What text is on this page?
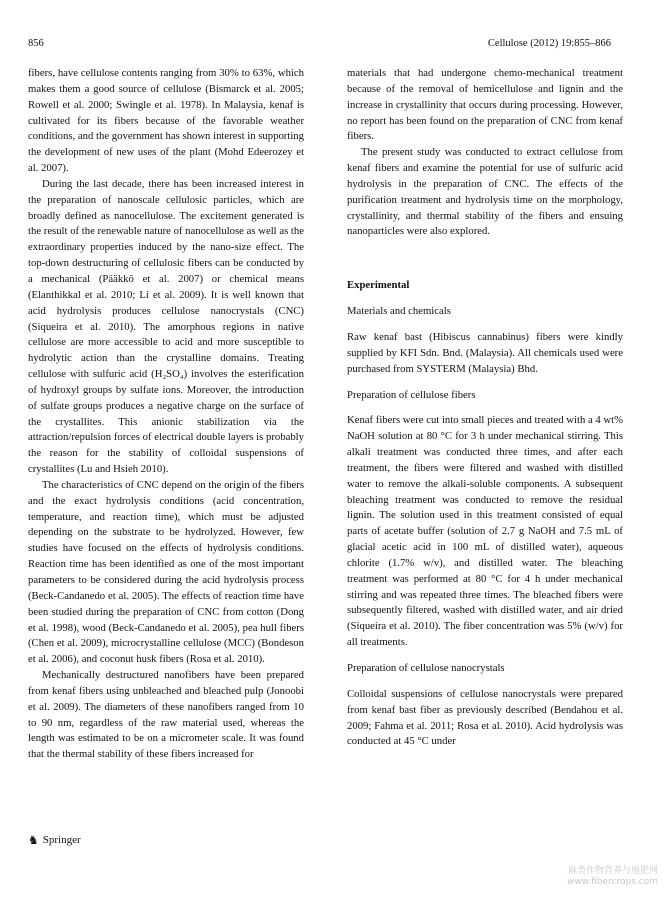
856	Cellulose (2012) 19:855–866

fibers, have cellulose contents ranging from 30% to 63%, which makes them a good source of cellulose (Bismarck et al. 2005; Rowell et al. 2000; Swingle et al. 1978). In Malaysia, kenaf is cultivated for its fibers because of the favorable weather conditions, and the government has shown interest in supporting the development of new uses of the plant (Mohd Edeerozey et al. 2007).

During the last decade, there has been increased interest in the preparation of nanoscale cellulosic particles, which are broadly defined as nanocellulose. The excitement generated is the result of the renewable nature of nanocellulose as well as the extraordinary properties induced by the nano-size effect. The top-down destructuring of cellulosic fibers can be conducted by a mechanical (Pääkkö et al. 2007) or chemical means (Elanthikkal et al. 2010; Li et al. 2009). It is well known that acid hydrolysis produces cellulose nanocrystals (CNC) (Siqueira et al. 2010). The amorphous regions in native cellulose are more accessible to acid and more susceptible to hydrolytic action than the crystalline domains. Treating cellulose with sulfuric acid (H₂SO₄) involves the esterification of hydroxyl groups by sulfate ions. Moreover, the introduction of sulfate groups produces a negative charge on the surface of the crystallites. This anionic stabilization via the attraction/repulsion forces of electrical double layers is probably the reason for the stability of colloidal suspensions of crystallites (Lu and Hsieh 2010).

The characteristics of CNC depend on the origin of the fibers and the exact hydrolysis conditions (acid concentration, temperature, and reaction time), which must be adjusted depending on the substrate to be hydrolyzed. However, few studies have focused on the effects of hydrolysis conditions. Reaction time has been identified as one of the most important parameters to be considered during the acid hydrolysis process (Beck-Candanedo et al. 2005). The effects of reaction time have been studied during the preparation of CNC from cotton (Dong et al. 1998), wood (Beck-Candanedo et al. 2005), pea hull fibers (Chen et al. 2009), microcrystalline cellulose (MCC) (Bondeson et al. 2006), and coconut husk fibers (Rosa et al. 2010).

Mechanically destructured nanofibers have been prepared from kenaf fibers using unbleached and bleached pulp (Jonoobi et al. 2009). The diameters of these nanofibers ranged from 10 to 90 nm, regardless of the raw material used, whereas the length was estimated to be on a micrometer scale. It was found that the thermal stability of these fibers increased for

materials that had undergone chemo-mechanical treatment because of the removal of hemicellulose and lignin and the increase in crystallinity that occurs during processing. However, no report has been found on the preparation of CNC from kenaf fibers.

The present study was conducted to extract cellulose from kenaf fibers and examine the potential for use of sulfuric acid hydrolysis in the preparation of CNC. The effects of the purification treatment and hydrolysis time on the morphology, crystallinity, and thermal stability of the fibers and ensuing nanoparticles were also explored.

Experimental

Materials and chemicals

Raw kenaf bast (Hibiscus cannabinus) fibers were kindly supplied by KFI Sdn. Bnd. (Malaysia). All chemicals used were purchased from SYSTERM (Malaysia) Bhd.

Preparation of cellulose fibers

Kenaf fibers were cut into small pieces and treated with a 4 wt% NaOH solution at 80 °C for 3 h under mechanical stirring. This alkali treatment was conducted three times, and after each treatment, the fibers were filtered and washed with distilled water to remove the alkali-soluble components. A subsequent bleaching treatment was conducted to remove the residual lignin. The solution used in this treatment consisted of equal parts of acetate buffer (solution of 2.7 g NaOH and 7.5 mL of glacial acetic acid in 100 mL of distilled water), aqueous chlorite (1.7% w/v), and distilled water. The bleaching treatment was performed at 80 °C for 4 h under mechanical stirring and was repeated three times. The bleached fibers were subsequently filtered, washed with distilled water, and air dried (Siqueira et al. 2010). The fiber concentration was 5% (w/v) for all treatments.

Preparation of cellulose nanocrystals

Colloidal suspensions of cellulose nanocrystals were prepared from kenaf bast fiber as previously described (Bendahou et al. 2009; Fahma et al. 2011; Rosa et al. 2010). Acid hydrolysis was conducted at 45 °C under

♞ Springer
麻类作物营养与施肥网
www.fibercrops.com
